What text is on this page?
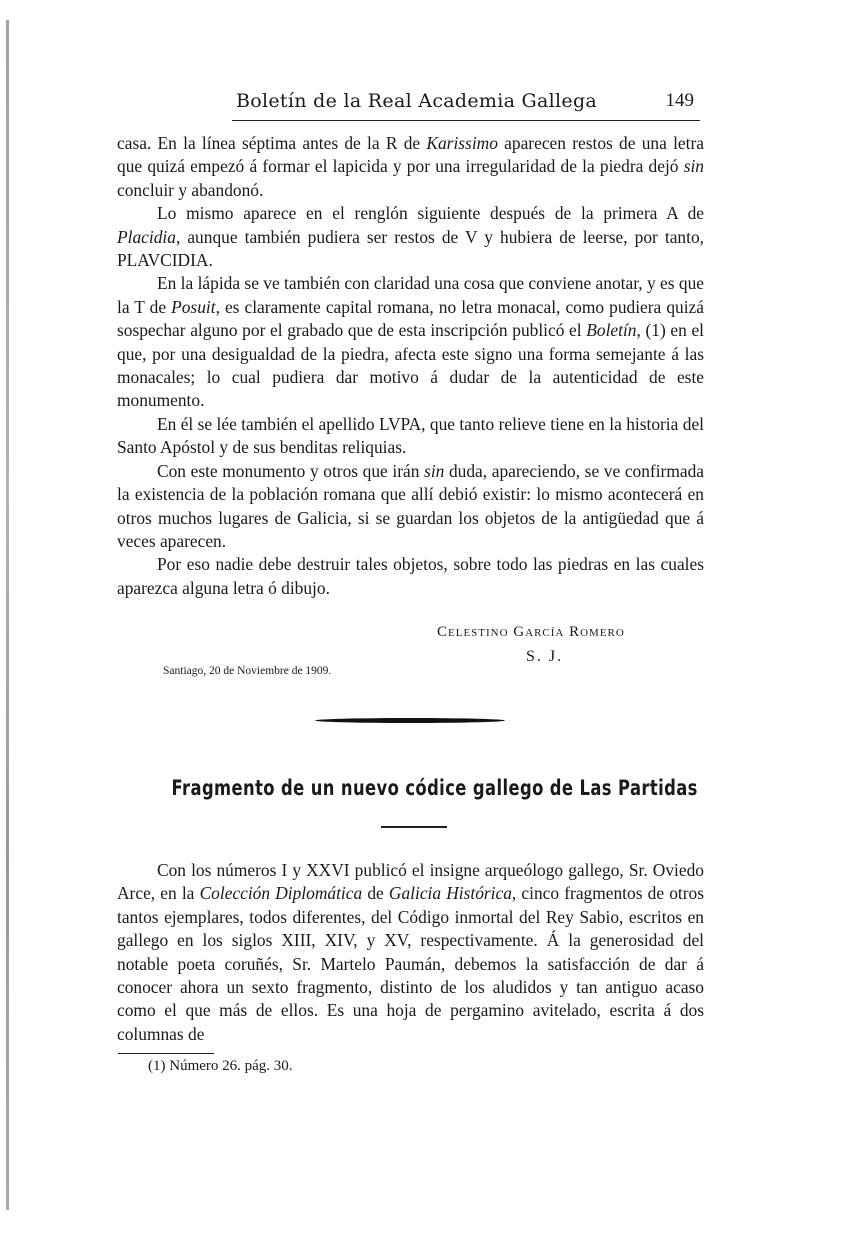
Boletín de la Real Academia Gallega	149

casa. En la línea séptima antes de la R de Karissimo aparecen restos de una letra que quizá empezó á formar el lapicida y por una irregularidad de la piedra dejó sin concluir y abandonó.

Lo mismo aparece en el renglón siguiente después de la primera A de Placidia, aunque también pudiera ser restos de V y hubiera de leerse, por tanto, PLAVCIDIA.

En la lápida se ve también con claridad una cosa que conviene anotar, y es que la T de Posuit, es claramente capital romana, no letra monacal, como pudiera quizá sospechar alguno por el grabado que de esta inscripción publicó el Boletín, (1) en el que, por una desigualdad de la piedra, afecta este signo una forma semejante á las monacales; lo cual pudiera dar motivo á dudar de la autenticidad de este monumento.

En él se lée también el apellido LVPA, que tanto relieve tiene en la historia del Santo Apóstol y de sus benditas reliquias.

Con este monumento y otros que irán sin duda, apareciendo, se ve confirmada la existencia de la población romana que allí debió existir: lo mismo acontecerá en otros muchos lugares de Galicia, si se guardan los objetos de la antigüedad que á veces aparecen.

Por eso nadie debe destruir tales objetos, sobre todo las piedras en las cuales aparezca alguna letra ó dibujo.

Celestino García Romero
S. J.
Santiago, 20 de Noviembre de 1909.
Fragmento de un nuevo códice gallego de Las Partidas

Con los números I y XXVI publicó el insigne arqueólogo gallego, Sr. Oviedo Arce, en la Colección Diplomática de Galicia Histórica, cinco fragmentos de otros tantos ejemplares, todos diferentes, del Código inmortal del Rey Sabio, escritos en gallego en los siglos XIII, XIV, y XV, respectivamente. Á la generosidad del notable poeta coruñés, Sr. Martelo Paumán, debemos la satisfacción de dar á conocer ahora un sexto fragmento, distinto de los aludidos y tan antiguo acaso como el que más de ellos. Es una hoja de pergamino avitelado, escrita á dos columnas de

(1) Número 26. pág. 30.
